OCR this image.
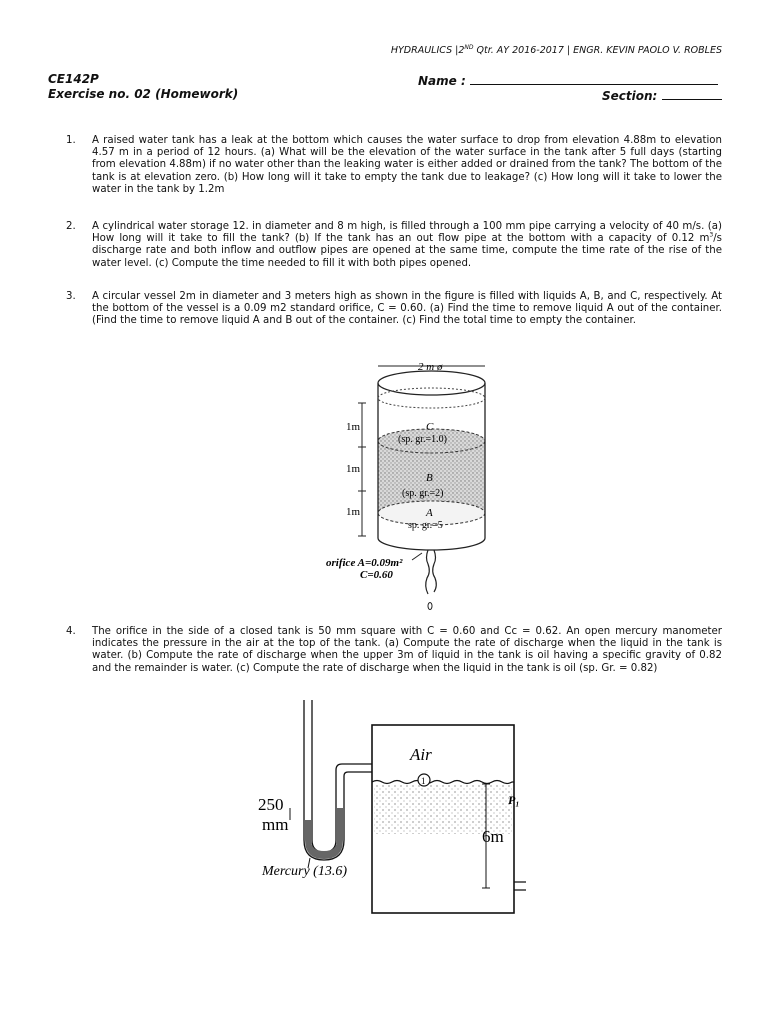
HYDRAULICS |2ND Qtr. AY 2016-2017 | ENGR. KEVIN PAOLO V. ROBLES
CE142P
Exercise no. 02 (Homework)
Name :
Section:
1. A raised water tank has a leak at the bottom which causes the water surface to drop from elevation 4.88m to elevation 4.57 m in a period of 12 hours. (a) What will be the elevation of the water surface in the tank after 5 full days (starting from elevation 4.88m) if no water other than the leaking water is either added or drained from the tank? The bottom of the tank is at elevation zero. (b) How long will it take to empty the tank due to leakage? (c) How long will it take to lower the water in the tank by 1.2m
2. A cylindrical water storage 12. in diameter and 8 m high, is filled through a 100 mm pipe carrying a velocity of 40 m/s. (a) How long will it take to fill the tank? (b) If the tank has an out flow pipe at the bottom with a capacity of 0.12 $m^3/s$ discharge rate and both inflow and outflow pipes are opened at the same time, compute the time rate of the rise of the water level. (c) Compute the time needed to fill it with both pipes opened.
3. A circular vessel 2m in diameter and 3 meters high as shown in the figure is filled with liquids A, B, and C, respectively. At the bottom of the vessel is a 0.09 m2 standard orifice, C = 0.60. (a) Find the time to remove liquid A out of the container. (Find the time to remove liquid A and B out of the container. (c) Find the total time to empty the container.
2 m ø
1m
1m
1m
C
(sp. gr.=1.0)
B
(sp. gr.=2)
A
sp. gr.=5
orifice A=0.09m²
C=0.60
4. The orifice in the side of a closed tank is 50 mm square with C = 0.60 and Cc = 0.62. An open mercury manometer indicates the pressure in the air at the top of the tank. (a) Compute the rate of discharge when the liquid in the tank is water. (b) Compute the rate of discharge when the upper 3m of liquid in the tank is oil having a specific gravity of 0.82 and the remainder is water. (c) Compute the rate of discharge when the liquid in the tank is oil (sp. Gr. = 0.82)
Air
1
P₁
6m
250
mm
Mercury (13.6)
